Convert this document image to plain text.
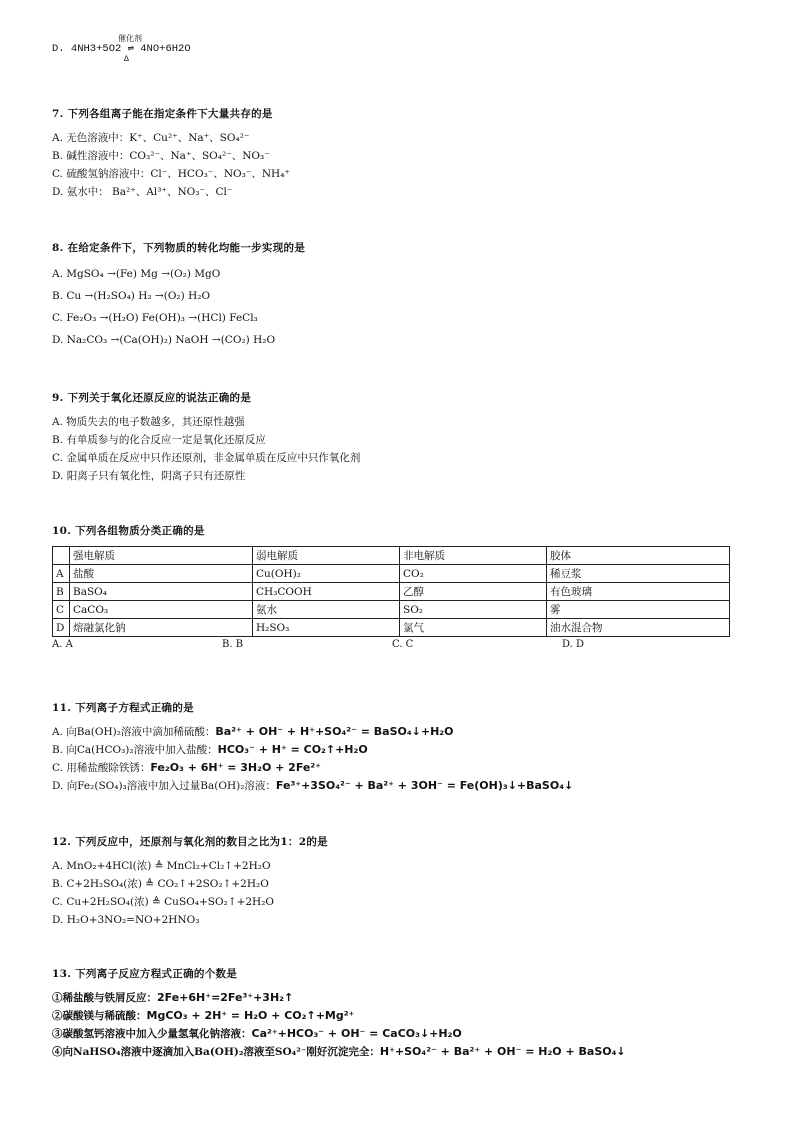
D. 4NH3+5O2 ⇌ 4NO+6H2O
催化剂
Δ
7. 下列各组离子能在指定条件下大量共存的是
A. 无色溶液中：K⁺、Cu²⁺、Na⁺、SO₄²⁻
B. 碱性溶液中：CO₃²⁻、Na⁺、SO₄²⁻、NO₃⁻
C. 硫酸氢钠溶液中：Cl⁻、HCO₃⁻、NO₃⁻、NH₄⁺
D. 氨水中： Ba²⁺、Al³⁺、NO₃⁻、Cl⁻
8. 在给定条件下，下列物质的转化均能一步实现的是
A. MgSO₄ →(Fe) Mg →(O₂) MgO
B. Cu →(H₂SO₄) H₂ →(O₂) H₂O
C. Fe₂O₃ →(H₂O) Fe(OH)₃ →(HCl) FeCl₃
D. Na₂CO₃ →(Ca(OH)₂) NaOH →(CO₂) H₂O
9. 下列关于氧化还原反应的说法正确的是
A. 物质失去的电子数越多，其还原性越强
B. 有单质参与的化合反应一定是氧化还原反应
C. 金属单质在反应中只作还原剂，非金属单质在反应中只作氧化剂
D. 阳离子只有氧化性，阴离子只有还原性
10. 下列各组物质分类正确的是
	强电解质	弱电解质	非电解质	胶体
A	盐酸	Cu(OH)₂	CO₂	稀豆浆
B	BaSO₄	CH₃COOH	乙醇	有色玻璃
C	CaCO₃	氨水	SO₂	雾
D	熔融氯化钠	H₂SO₃	氯气	油水混合物
A. A	B. B	C. C	D. D
11. 下列离子方程式正确的是
A. 向Ba(OH)₂溶液中滴加稀硫酸：Ba²⁺ + OH⁻ + H⁺+SO₄²⁻ = BaSO₄↓+H₂O
B. 向Ca(HCO₃)₂溶液中加入盐酸：HCO₃⁻ + H⁺ = CO₂↑+H₂O
C. 用稀盐酸除铁锈：Fe₂O₃ + 6H⁺ = 3H₂O + 2Fe²⁺
D. 向Fe₂(SO₄)₃溶液中加入过量Ba(OH)₂溶液：Fe³⁺+3SO₄²⁻ + Ba²⁺ + 3OH⁻ = Fe(OH)₃↓+BaSO₄↓
12. 下列反应中，还原剂与氧化剂的数目之比为1：2的是
A. MnO₂+4HCl(浓) ≜ MnCl₂+Cl₂↑+2H₂O
B. C+2H₂SO₄(浓) ≜ CO₂↑+2SO₂↑+2H₂O
C. Cu+2H₂SO₄(浓) ≜ CuSO₄+SO₂↑+2H₂O
D. H₂O+3NO₂=NO+2HNO₃
13. 下列离子反应方程式正确的个数是
①稀盐酸与铁屑反应：2Fe+6H⁺=2Fe³⁺+3H₂↑
②碳酸镁与稀硫酸：MgCO₃ + 2H⁺ = H₂O + CO₂↑+Mg²⁺
③碳酸氢钙溶液中加入少量氢氧化钠溶液：Ca²⁺+HCO₃⁻ + OH⁻ = CaCO₃↓+H₂O
④向NaHSO₄溶液中逐滴加入Ba(OH)₂溶液至SO₄²⁻刚好沉淀完全：H⁺+SO₄²⁻ + Ba²⁺ + OH⁻ = H₂O + BaSO₄↓
